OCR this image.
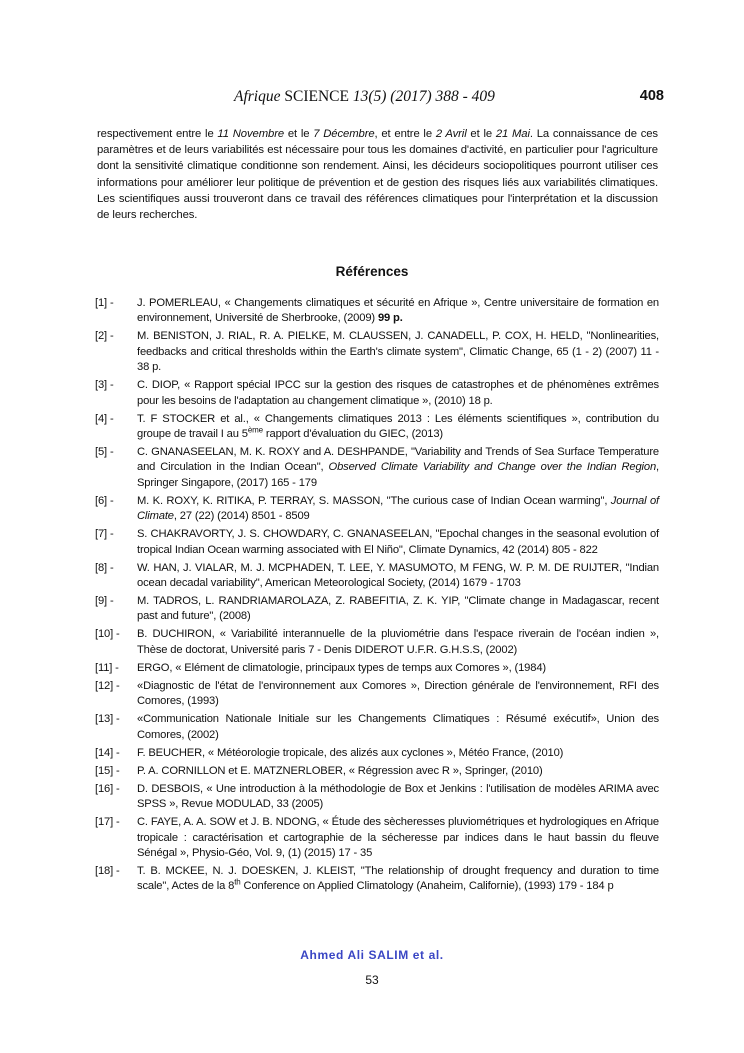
Afrique SCIENCE 13(5) (2017) 388 - 409	408
respectivement entre le 11 Novembre et le 7 Décembre, et entre le 2 Avril et le 21 Mai. La connaissance de ces paramètres et de leurs variabilités est nécessaire pour tous les domaines d'activité, en particulier pour l'agriculture dont la sensitivité climatique conditionne son rendement. Ainsi, les décideurs sociopolitiques pourront utiliser ces informations pour améliorer leur politique de prévention et de gestion des risques liés aux variabilités climatiques. Les scientifiques aussi trouveront dans ce travail des références climatiques pour l'interprétation et la discussion de leurs recherches.
Références
[1] -	J. POMERLEAU, « Changements climatiques et sécurité en Afrique », Centre universitaire de formation en environnement, Université de Sherbrooke, (2009) 99 p.
[2] -	M. BENISTON, J. RIAL, R. A. PIELKE, M. CLAUSSEN, J. CANADELL, P. COX, H. HELD, "Nonlinearities, feedbacks and critical thresholds within the Earth's climate system", Climatic Change, 65 (1 - 2) (2007) 11 - 38 p.
[3] -	C. DIOP, « Rapport spécial IPCC sur la gestion des risques de catastrophes et de phénomènes extrêmes pour les besoins de l'adaptation au changement climatique », (2010) 18 p.
[4] -	T. F STOCKER et al., « Changements climatiques 2013 : Les éléments scientifiques », contribution du groupe de travail I au 5ème rapport d'évaluation du GIEC, (2013)
[5] -	C. GNANASEELAN, M. K. ROXY and A. DESHPANDE, "Variability and Trends of Sea Surface Temperature and Circulation in the Indian Ocean", Observed Climate Variability and Change over the Indian Region, Springer Singapore, (2017) 165 - 179
[6] -	M. K. ROXY, K. RITIKA, P. TERRAY, S. MASSON, "The curious case of Indian Ocean warming", Journal of Climate, 27 (22) (2014) 8501 - 8509
[7] -	S. CHAKRAVORTY, J. S. CHOWDARY, C. GNANASEELAN, "Epochal changes in the seasonal evolution of tropical Indian Ocean warming associated with El Niño", Climate Dynamics, 42 (2014) 805 - 822
[8] -	W. HAN, J. VIALAR, M. J. MCPHADEN, T. LEE, Y. MASUMOTO, M FENG, W. P. M. DE RUIJTER, "Indian ocean decadal variability", American Meteorological Society, (2014) 1679 - 1703
[9] -	M. TADROS, L. RANDRIAMAROLAZA, Z. RABEFITIA, Z. K. YIP, "Climate change in Madagascar, recent past and future", (2008)
[10] -	B. DUCHIRON, « Variabilité interannuelle de la pluviométrie dans l'espace riverain de l'océan indien », Thèse de doctorat, Université paris 7 - Denis DIDEROT U.F.R. G.H.S.S, (2002)
[11] -	ERGO, « Elément de climatologie, principaux types de temps aux Comores », (1984)
[12] -	«Diagnostic de l'état de l'environnement aux Comores », Direction générale de l'environnement, RFI des Comores, (1993)
[13] -	«Communication Nationale Initiale sur les Changements Climatiques : Résumé exécutif», Union des Comores, (2002)
[14] -	F. BEUCHER, « Météorologie tropicale, des alizés aux cyclones », Météo France, (2010)
[15] -	P. A. CORNILLON et E. MATZNERLOBER, « Régression avec R », Springer, (2010)
[16] -	D. DESBOIS, « Une introduction à la méthodologie de Box et Jenkins : l'utilisation de modèles ARIMA avec SPSS », Revue MODULAD, 33 (2005)
[17] -	C. FAYE, A. A. SOW et J. B. NDONG, « Étude des sècheresses pluviométriques et hydrologiques en Afrique tropicale : caractérisation et cartographie de la sécheresse par indices dans le haut bassin du fleuve Sénégal », Physio-Géo, Vol. 9, (1) (2015) 17 - 35
[18] -	T. B. MCKEE, N. J. DOESKEN, J. KLEIST, "The relationship of drought frequency and duration to time scale", Actes de la 8th Conference on Applied Climatology (Anaheim, Californie), (1993) 179 - 184 p
Ahmed Ali SALIM et al.
53
